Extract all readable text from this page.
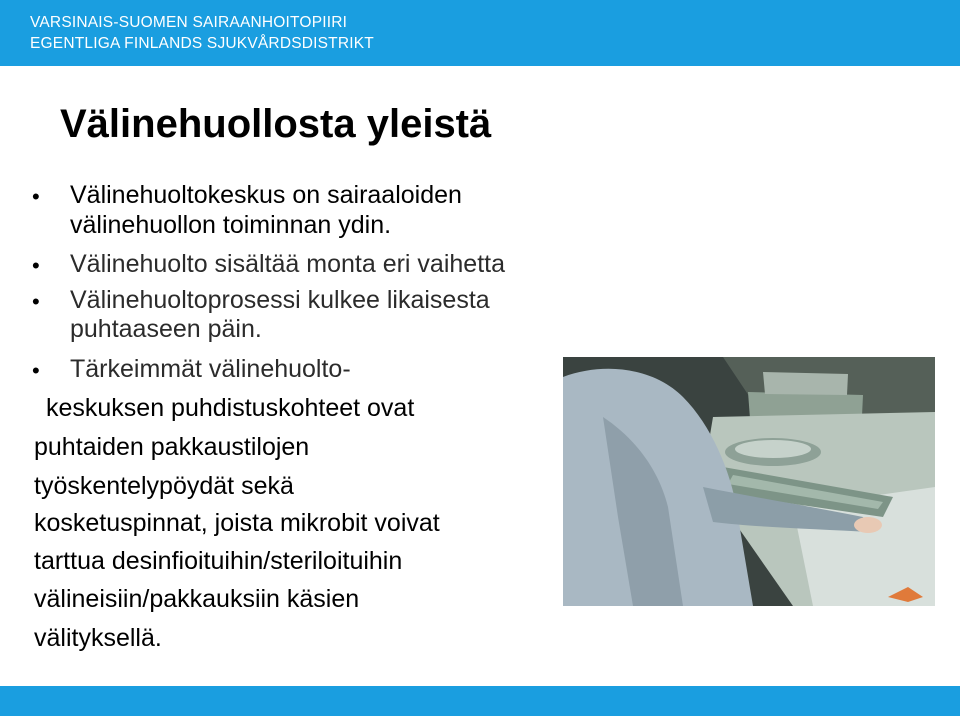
VARSINAIS-SUOMEN SAIRAANHOITOPIIRI
EGENTLIGA FINLANDS SJUKVÅRDSDISTRIKT
Välinehuollosta yleistä
• Välinehuoltokeskus on sairaaloiden
välinehuollon toiminnan ydin.
• Välinehuolto sisältää monta eri vaihetta
• Välinehuoltoprosessi kulkee likaisesta
puhtaaseen päin.
• Tärkeimmät välinehuolto-
keskuksen puhdistuskohteet ovat
puhtaiden pakkaustilojen
työskentelypöydät sekä
kosketuspinnat, joista mikrobit voivat
tarttua desinfioituihin/steriloituihin
välineisiin/pakkauksiin käsien
välityksellä.
